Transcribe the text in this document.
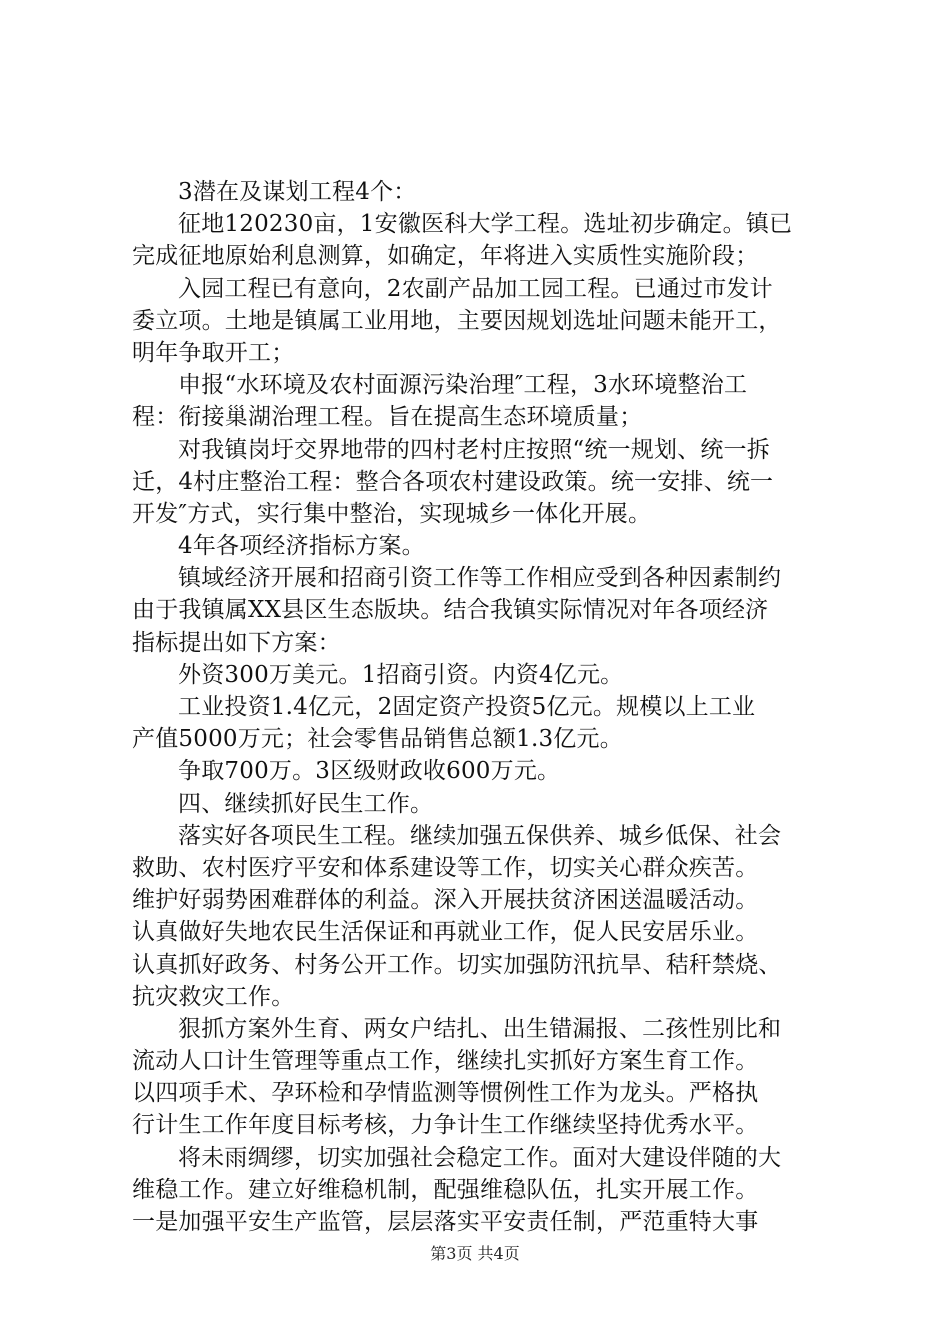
3潜在及谋划工程4个：
征地120230亩，1安徽医科大学工程。选址初步确定。镇已
完成征地原始利息测算，如确定，年将进入实质性实施阶段；
入园工程已有意向，2农副产品加工园工程。已通过市发计
委立项。土地是镇属工业用地，主要因规划选址问题未能开工，
明年争取开工；
申报“水环境及农村面源污染治理″工程，3水环境整治工
程：衔接巢湖治理工程。旨在提高生态环境质量；
对我镇岗圩交界地带的四村老村庄按照“统一规划、统一拆
迁，4村庄整治工程：整合各项农村建设政策。统一安排、统一
开发″方式，实行集中整治，实现城乡一体化开展。
4年各项经济指标方案。
镇域经济开展和招商引资工作等工作相应受到各种因素制约
由于我镇属XX县区生态版块。结合我镇实际情况对年各项经济
指标提出如下方案：
外资300万美元。1招商引资。内资4亿元。
工业投资1.4亿元，2固定资产投资5亿元。规模以上工业
产值5000万元；社会零售品销售总额1.3亿元。
争取700万。3区级财政收600万元。
四、继续抓好民生工作。
落实好各项民生工程。继续加强五保供养、城乡低保、社会
救助、农村医疗平安和体系建设等工作，切实关心群众疾苦。
维护好弱势困难群体的利益。深入开展扶贫济困送温暖活动。
认真做好失地农民生活保证和再就业工作，促人民安居乐业。
认真抓好政务、村务公开工作。切实加强防汛抗旱、秸秆禁烧、
抗灾救灾工作。
狠抓方案外生育、两女户结扎、出生错漏报、二孩性别比和
流动人口计生管理等重点工作，继续扎实抓好方案生育工作。
以四项手术、孕环检和孕情监测等惯例性工作为龙头。严格执
行计生工作年度目标考核，力争计生工作继续坚持优秀水平。
将未雨绸缪，切实加强社会稳定工作。面对大建设伴随的大
维稳工作。建立好维稳机制，配强维稳队伍，扎实开展工作。
一是加强平安生产监管，层层落实平安责任制，严范重特大事
第3页 共4页
